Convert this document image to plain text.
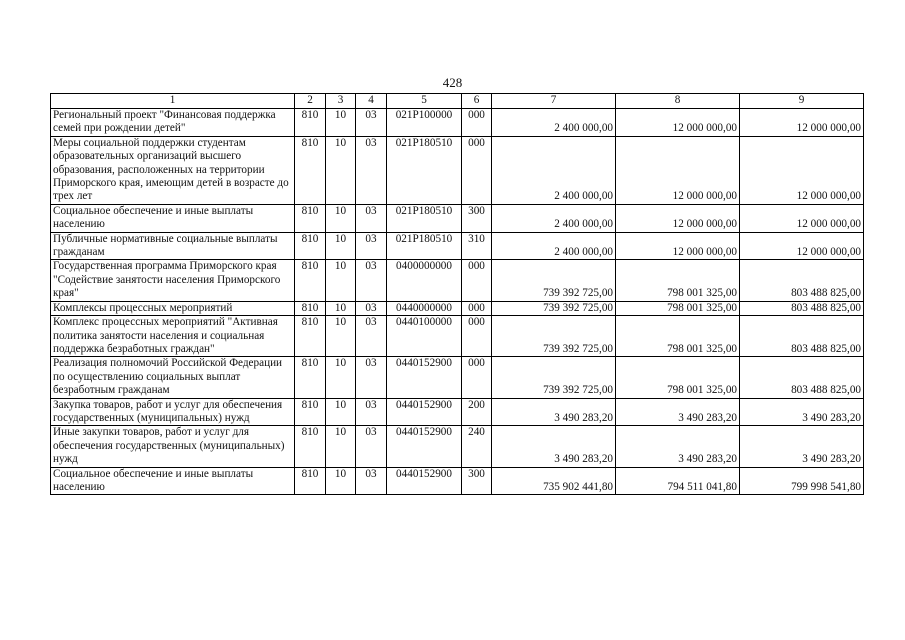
428
1	2	3	4	5	6	7	8	9
Региональный проект "Финансовая поддержка семей при рождении детей"	810	10	03	021P100000	000	2 400 000,00	12 000 000,00	12 000 000,00
Меры социальной поддержки студентам образовательных организаций высшего образования, расположенных на территории Приморского края, имеющим детей в возрасте до трех лет	810	10	03	021P180510	000	2 400 000,00	12 000 000,00	12 000 000,00
Социальное обеспечение и иные выплаты населению	810	10	03	021P180510	300	2 400 000,00	12 000 000,00	12 000 000,00
Публичные нормативные социальные выплаты гражданам	810	10	03	021P180510	310	2 400 000,00	12 000 000,00	12 000 000,00
Государственная программа Приморского края "Содействие занятости населения Приморского края"	810	10	03	0400000000	000	739 392 725,00	798 001 325,00	803 488 825,00
Комплексы процессных мероприятий	810	10	03	0440000000	000	739 392 725,00	798 001 325,00	803 488 825,00
Комплекс процессных мероприятий "Активная политика занятости населения и социальная поддержка безработных граждан"	810	10	03	0440100000	000	739 392 725,00	798 001 325,00	803 488 825,00
Реализация полномочий Российской Федерации по осуществлению социальных выплат безработным гражданам	810	10	03	0440152900	000	739 392 725,00	798 001 325,00	803 488 825,00
Закупка товаров, работ и услуг для обеспечения государственных (муниципальных) нужд	810	10	03	0440152900	200	3 490 283,20	3 490 283,20	3 490 283,20
Иные закупки товаров, работ и услуг для обеспечения государственных (муниципальных) нужд	810	10	03	0440152900	240	3 490 283,20	3 490 283,20	3 490 283,20
Социальное обеспечение и иные выплаты населению	810	10	03	0440152900	300	735 902 441,80	794 511 041,80	799 998 541,80
